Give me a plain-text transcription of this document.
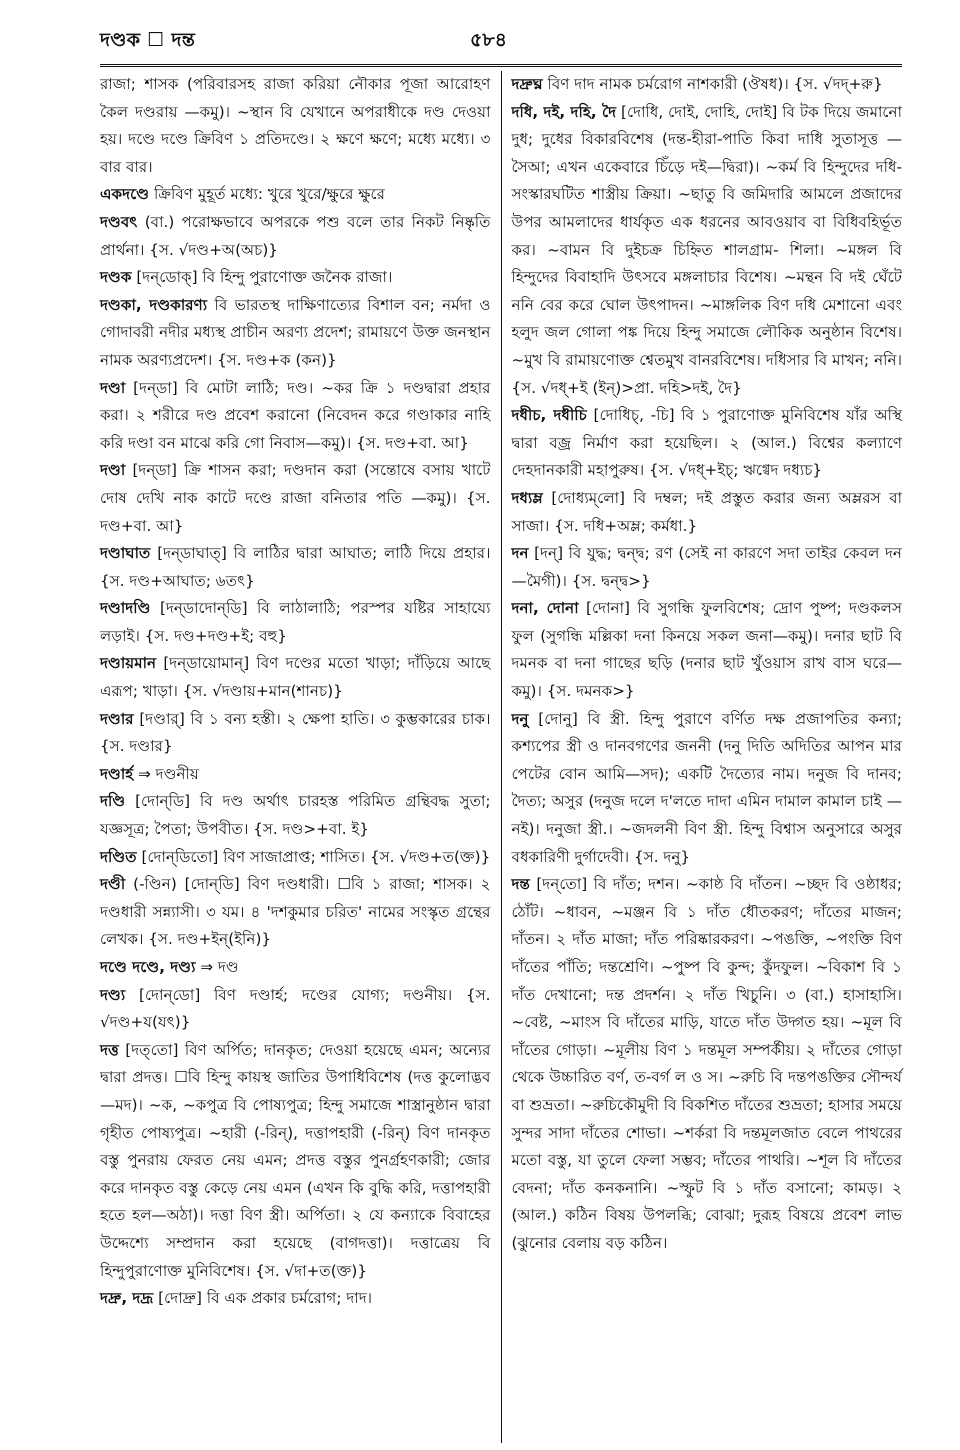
দণ্ডক ☐ দন্ত	৫৮৪

রাজা; শাসক (পরিবারসহ রাজা করিয়া নৌকার পূজা আরোহণ কৈল দণ্ডরায় —কমু)। ~স্থান বি যেখানে অপরাধীকে দণ্ড দেওয়া হয়। দণ্ডে দণ্ডে ক্রিবিণ ১ প্রতিদণ্ডে। ২ ক্ষণে ক্ষণে; মধ্যে মধ্যে। ৩ বার বার।

একদণ্ডে ক্রিবিণ মুহূর্ত মধ্যে: খুরে খুরে/ক্ষুরে ক্ষুরে

দণ্ডবৎ (বা.) পরোক্ষভাবে অপরকে পশু বলে তার নিকট নিষ্কৃতি প্রার্থনা। {স. √দণ্ড+অ(অচ)}

দণ্ডক [দন্‌ডোক্] বি হিন্দু পুরাণোক্ত জনৈক রাজা।

দণ্ডকা, দণ্ডকারণ্য বি ভারতস্থ দাক্ষিণাত্যের বিশাল বন; নর্মদা ও গোদাবরী নদীর মধ্যস্থ প্রাচীন অরণ্য প্রদেশ; রামায়ণে উক্ত জনস্থান নামক অরণ্যপ্রদেশ। {স. দণ্ড+ক (কন)}

দণ্ডা [দন্‌ডা] বি মোটা লাঠি; দণ্ড। ~কর ক্রি ১ দণ্ডদ্বারা প্রহার করা। ২ শরীরে দণ্ড প্রবেশ করানো (নিবেদন করে গণ্ডাকার নাহি করি দণ্ডা বন মাঝে করি গো নিবাস—কমু)। {স. দণ্ড+বা. আ}

দণ্ডা [দন্‌ডা] ক্রি শাসন করা; দণ্ডদান করা (সন্তোষে বসায় খাটে দোষ দেখি নাক কাটে দণ্ডে রাজা বনিতার পতি —কমু)। {স. দণ্ড+বা. আ}

দণ্ডাঘাত [দন্‌ডাঘাত্] বি লাঠির দ্বারা আঘাত; লাঠি দিয়ে প্রহার। {স. দণ্ড+আঘাত; ৬তৎ}

দণ্ডাদণ্ডি [দন্‌ডাদোন্‌ডি] বি লাঠালাঠি; পরস্পর যষ্টির সাহায্যে লড়াই। {স. দণ্ড+দণ্ড+ই; বহু}

দণ্ডায়মান [দন্‌ডায়োমান্] বিণ দণ্ডের মতো খাড়া; দাঁড়িয়ে আছে এরূপ; খাড়া। {স. √দণ্ডায়+মান(শানচ)}

দণ্ডার [দণ্ডার্] বি ১ বন্য হস্তী। ২ ক্ষেপা হাতি। ৩ কুম্ভকারের চাক। {স. দণ্ডার}

দণ্ডার্হ ⇒ দণ্ডনীয়

দণ্ডি [দোন্‌ডি] বি দণ্ড অর্থাৎ চারহস্ত পরিমিত গ্রন্থিবদ্ধ সুতা; যজ্ঞসূত্র; পৈতা; উপবীত। {স. দণ্ড>+বা. ই}

দণ্ডিত [দোন্‌ডিতো] বিণ সাজাপ্রাপ্ত; শাসিত। {স. √দণ্ড+ত(ক্ত)}

দণ্ডী (-ণ্ডিন) [দোন্‌ডি] বিণ দণ্ডধারী। ☐বি ১ রাজা; শাসক। ২ দণ্ডধারী সন্ন্যাসী। ৩ যম। ৪ 'দশকুমার চরিত' নামের সংস্কৃত গ্রন্থের লেখক। {স. দণ্ড+ইন্(ইনি)}

দণ্ডে দণ্ডে, দণ্ড্য ⇒ দণ্ড

দণ্ড্য [দোন্‌ডো] বিণ দণ্ডার্হ; দণ্ডের যোগ্য; দণ্ডনীয়। {স. √দণ্ড+য(যৎ)}

দত্ত [দত্‌তো] বিণ অর্পিত; দানকৃত; দেওয়া হয়েছে এমন; অন্যের দ্বারা প্রদত্ত। ☐বি হিন্দু কায়স্থ জাতির উপাধিবিশেষ (দত্ত কুলোদ্ভব—মদ)। ~ক, ~কপুত্র বি পোষ্যপুত্র; হিন্দু সমাজে শাস্ত্রানুষ্ঠান দ্বারা গৃহীত পোষ্যপুত্র। ~হারী (-রিন্), দত্তাপহারী (-রিন্) বিণ দানকৃত বস্তু পুনরায় ফেরত নেয় এমন; প্রদত্ত বস্তুর পুনর্গ্রহণকারী; জোর করে দানকৃত বস্তু কেড়ে নেয় এমন (এখন কি বুদ্ধি করি, দত্তাপহারী হতে হল—অঠা)। দত্তা বিণ স্ত্রী। অর্পিতা। ২ যে কন্যাকে বিবাহের উদ্দেশ্যে সম্প্রদান করা হয়েছে (বাগদত্তা)। দত্তাত্রেয় বি হিন্দুপুরাণোক্ত মুনিবিশেষ। {স. √দা+ত(ক্ত)}

দদ্রু, দদ্রূ [দোদ্রু] বি এক প্রকার চর্মরোগ; দাদ।

দদ্রুঘ্ন বিণ দাদ নামক চর্মরোগ নাশকারী (ঔষধ)। {স. √দদ্+রু}

দধি, দই, দহি, দৈ [দোধি, দোই, দোহি, দোই] বি টক দিয়ে জমানো দুধ; দুধের বিকারবিশেষ (দন্ত-হীরা-পাতি কিবা দাধি সুতাসূত্ত —সৈআ; এখন একেবারে চিঁড়ে দই—দ্বিরা)। ~কর্ম বি হিন্দুদের দধি-সংস্কারঘটিত শাস্ত্রীয় ক্রিয়া। ~ছাতু বি জমিদারি আমলে প্রজাদের উপর আমলাদের ধার্যকৃত এক ধরনের আবওয়াব বা বিধিবহির্ভূত কর। ~বামন বি দুইচক্র চিহ্নিত শালগ্রাম- শিলা। ~মঙ্গল বি হিন্দুদের বিবাহাদি উৎসবে মঙ্গলাচার বিশেষ। ~মন্থন বি দই ঘেঁটে ননি বের করে ঘোল উৎপাদন। ~মাঙ্গলিক বিণ দধি মেশানো এবং হলুদ জল গোলা পঙ্ক দিয়ে হিন্দু সমাজে লৌকিক অনুষ্ঠান বিশেষ। ~মুখ বি রামায়ণোক্ত শ্বেতমুখ বানরবিশেষ। দধিসার বি মাখন; ননি। {স. √দধ্+ই (ইন্)>প্রা. দহি>দই, দৈ}

দধীচ, দধীচি [দোধিচ্, -চি] বি ১ পুরাণোক্ত মুনিবিশেষ যাঁর অস্থি দ্বারা বজ্র নির্মাণ করা হয়েছিল। ২ (আল.) বিশ্বের কল্যাণে দেহদানকারী মহাপুরুষ। {স. √দধ্+ইচ্; ঋগ্বেদ দধ্যচ}

দধ্যম্ল [দোধ্যম্‌লো] বি দম্বল; দই প্রস্তুত করার জন্য অম্লরস বা সাজা। {স. দধি+অম্ল; কর্মধা.}

দন [দন্] বি যুদ্ধ; দ্বন্দ্ব; রণ (সেই না কারণে সদা তাইর কেবল দন—মৈগী)। {স. দ্বন্দ্ব>}

দনা, দোনা [দোনা] বি সুগন্ধি ফুলবিশেষ; দ্রোণ পুষ্প; দণ্ডকলস ফুল (সুগন্ধি মল্লিকা দনা কিনয়ে সকল জনা—কমু)। দনার ছাট বি দমনক বা দনা গাছের ছড়ি (দনার ছাট খুঁওয়াস রাখ বাস ঘরে—কমু)। {স. দমনক>}

দনু [দোনু] বি স্ত্রী. হিন্দু পুরাণে বর্ণিত দক্ষ প্রজাপতির কন্যা; কশ্যপের স্ত্রী ও দানবগণের জননী (দনু দিতি অদিতির আপন মার পেটের বোন আমি—সদ); একটি দৈত্যের নাম। দনুজ বি দানব; দৈত্য; অসুর (দনুজ দলে দ'লতে দাদা এমিন দামাল কামাল চাই —নই)। দনুজা স্ত্রী.। ~জদলনী বিণ স্ত্রী. হিন্দু বিশ্বাস অনুসারে অসুর বধকারিণী দুর্গাদেবী। {স. দনু}

দন্ত [দন্‌তো] বি দাঁত; দশন। ~কাষ্ঠ বি দাঁতন। ~চ্ছদ বি ওষ্ঠাধর; ঠোঁট। ~ধাবন, ~মঞ্জন বি ১ দাঁত ধৌতকরণ; দাঁতের মাজন; দাঁতন। ২ দাঁত মাজা; দাঁত পরিষ্কারকরণ। ~পঙক্তি, ~পংক্তি বিণ দাঁতের পাঁতি; দন্তশ্রেণি। ~পুষ্প বি কুন্দ; কুঁদফুল। ~বিকাশ বি ১ দাঁত দেখানো; দন্ত প্রদর্শন। ২ দাঁত খিচুনি। ৩ (বা.) হাসাহাসি। ~বেষ্ট, ~মাংস বি দাঁতের মাড়ি, যাতে দাঁত উদ্গত হয়। ~মূল বি দাঁতের গোড়া। ~মূলীয় বিণ ১ দন্তমূল সম্পর্কীয়। ২ দাঁতের গোড়া থেকে উচ্চারিত বর্ণ, ত-বর্গ ল ও স। ~রুচি বি দন্তপঙক্তির সৌন্দর্য বা শুভ্রতা। ~রুচিকৌমুদী বি বিকশিত দাঁতের শুভ্রতা; হাসার সময়ে সুন্দর সাদা দাঁতের শোভা। ~শর্করা বি দন্তমূলজাত বেলে পাথরের মতো বস্তু, যা তুলে ফেলা সম্ভব; দাঁতের পাথরি। ~শূল বি দাঁতের বেদনা; দাঁত কনকনানি। ~স্ফুট বি ১ দাঁত বসানো; কামড়। ২ (আল.) কঠিন বিষয় উপলব্ধি; বোঝা; দুরূহ বিষয়ে প্রবেশ লাভ (ঝুনোর বেলায় বড় কঠিন।
